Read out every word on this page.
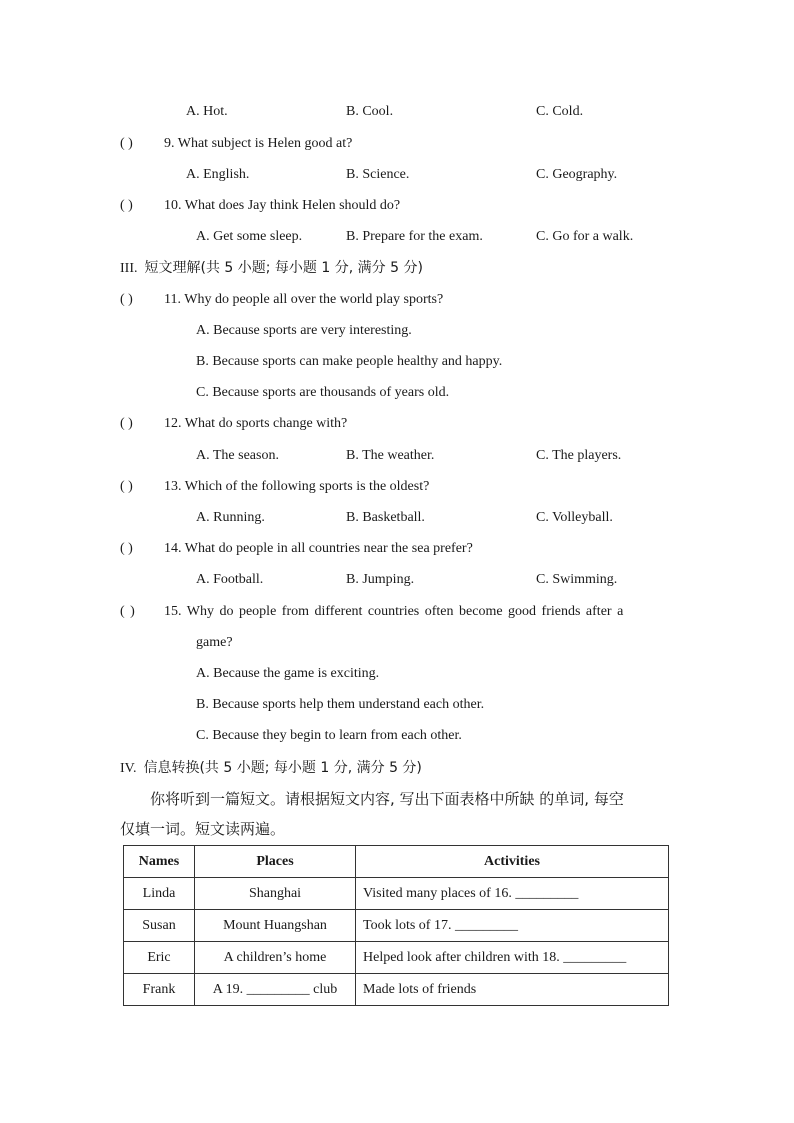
A. Hot.	B. Cool.	C. Cold.
( ) 9. What subject is Helen good at?
A. English.	B. Science.	C. Geography.
( ) 10. What does Jay think Helen should do?
A. Get some sleep.	B. Prepare for the exam.	C. Go for a walk.
III. 短文理解(共 5 小题; 每小题 1 分, 满分 5 分)
( ) 11. Why do people all over the world play sports?
A. Because sports are very interesting.
B. Because sports can make people healthy and happy.
C. Because sports are thousands of years old.
( ) 12. What do sports change with?
A. The season.	B. The weather.	C. The players.
( ) 13. Which of the following sports is the oldest?
A. Running.	B. Basketball.	C. Volleyball.
( ) 14. What do people in all countries near the sea prefer?
A. Football.	B. Jumping.	C. Swimming.
( ) 15. Why do people from different countries often become good friends after a
game?
A. Because the game is exciting.
B. Because sports help them understand each other.
C. Because they begin to learn from each other.
IV. 信息转换(共 5 小题; 每小题 1 分, 满分 5 分)
你将听到一篇短文。请根据短文内容, 写出下面表格中所缺 的单词, 每空

仅填一词。短文读两遍。
Names	Places	Activities
Linda	Shanghai	Visited many places of 16. _________
Susan	Mount Huangshan	Took lots of 17. _________
Eric	A children’s home	Helped look after children with 18. _________
Frank	A 19. _________ club	Made lots of friends
